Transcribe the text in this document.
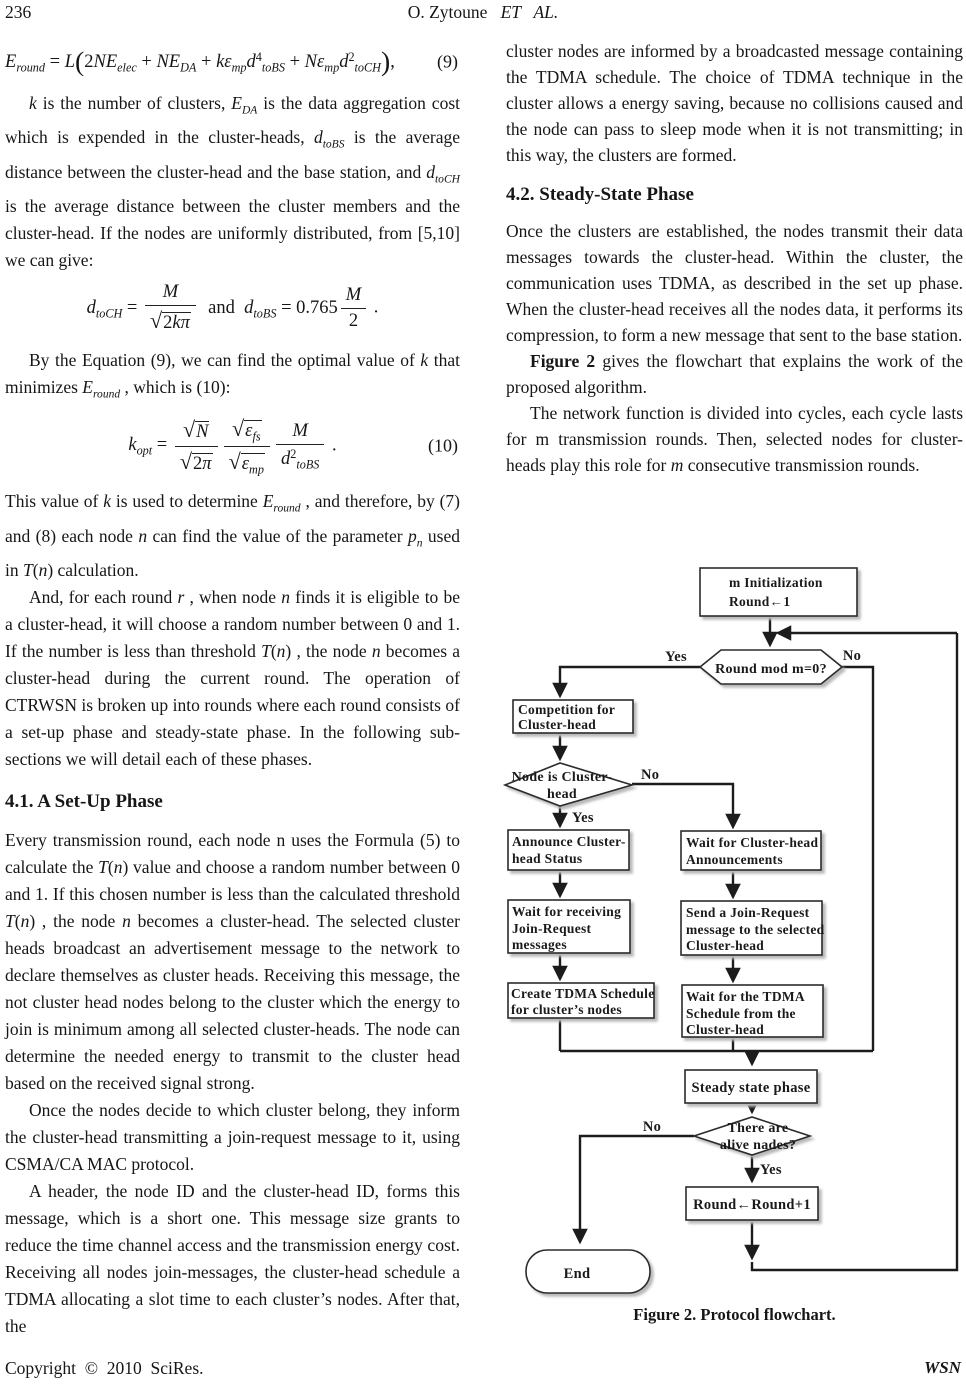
236	O. Zytoune   ET   AL.
$E_{round} = L(2NE_{elec} + NE_{DA} + k\varepsilon_{mp}d^4_{toBS} + N\varepsilon_{mp}d^2_{toCH})$, (9)

k is the number of clusters, $E_{DA}$ is the data aggregation cost which is expended in the cluster-heads, $d_{toBS}$ is the average distance between the cluster-head and the base station, and $d_{toCH}$ is the average distance between the cluster members and the cluster-head. If the nodes are uniformly distributed, from [5,10] we can give:

$d_{toCH} = \frac{M}{√2k\pi}$ and  $d_{toBS} = 0.765 \frac{M}{2}$ .

By the Equation (9), we can find the optimal value of k that minimizes $E_{round}$ , which is (10):

$k_{opt} = \frac{√N}{√2\pi} \frac{√\varepsilon_{fs}}{√\varepsilon_{mp}} \frac{M}{d^2_{toBS}}$ .	(10)

This value of k is used to determine $E_{round}$ , and therefore, by (7) and (8) each node n can find the value of the parameter $p_n$ used in T(n) calculation.

And, for each round r , when node n finds it is eligible to be a cluster-head, it will choose a random number between 0 and 1. If the number is less than threshold T(n) , the node n becomes a cluster-head during the current round. The operation of CTRWSN is broken up into rounds where each round consists of a set-up phase and steady-state phase. In the following sub-sections we will detail each of these phases.

4.1. A Set-Up Phase

Every transmission round, each node n uses the Formula (5) to calculate the T(n) value and choose a random number between 0 and 1. If this chosen number is less than the calculated threshold T(n) , the node n becomes a cluster-head. The selected cluster heads broadcast an advertisement message to the network to declare themselves as cluster heads. Receiving this message, the not cluster head nodes belong to the cluster which the energy to join is minimum among all selected cluster-heads. The node can determine the needed energy to transmit to the cluster head based on the received signal strong.

Once the nodes decide to which cluster belong, they inform the cluster-head transmitting a join-request message to it, using CSMA/CA MAC protocol.

A header, the node ID and the cluster-head ID, forms this message, which is a short one. This message size grants to reduce the time channel access and the transmission energy cost. Receiving all nodes join-messages, the cluster-head schedule a TDMA allocating a slot time to each cluster’s nodes. After that, the

cluster nodes are informed by a broadcasted message containing the TDMA schedule. The choice of TDMA technique in the cluster allows a energy saving, because no collisions caused and the node can pass to sleep mode when it is not transmitting; in this way, the clusters are formed.

4.2. Steady-State Phase

Once the clusters are established, the nodes transmit their data messages towards the cluster-head. Within the cluster, the communication uses TDMA, as described in the set up phase. When the cluster-head receives all the nodes data, it performs its compression, to form a new message that sent to the base station.

Figure 2 gives the flowchart that explains the work of the proposed algorithm.

The network function is divided into cycles, each cycle lasts for m transmission rounds. Then, selected nodes for cluster-heads play this role for m consecutive transmission rounds.

Yes	No
No
Yes
No
Yes
m Initialization
Round←1
Round mod m=0?
Competition for
Cluster-head
Node is Cluster-
head
Announce Cluster-
head Status
Wait for Cluster-head
Announcements
Wait for receiving
Join-Request
messages
Send a Join-Request
message to the selected
Cluster-head
Create TDMA Schedule
for cluster’s nodes
Wait for the TDMA
Schedule from the
Cluster-head
Steady state phase
There are
alive nades?
Round←Round+1
End
Figure 2. Protocol flowchart.
Copyright  ©  2010  SciRes.	WSN
